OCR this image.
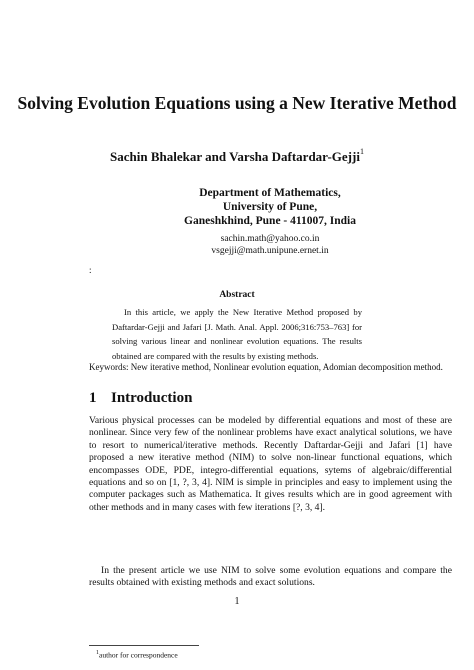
Solving Evolution Equations using a New Iterative Method
Sachin Bhalekar and Varsha Daftardar-Gejji$^1$
Department of Mathematics,
University of Pune,
Ganeshkhind, Pune - 411007, India
sachin.math@yahoo.co.in
vsgejji@math.unipune.ernet.in
:
Abstract
In this article, we apply the New Iterative Method proposed by Daftardar-Gejji and Jafari [J. Math. Anal. Appl. 2006;316:753–763] for solving various linear and nonlinear evolution equations. The results obtained are compared with the results by existing methods.
Keywords: New iterative method, Nonlinear evolution equation, Adomian decomposition method.
1 Introduction
Various physical processes can be modeled by differential equations and most of these are nonlinear. Since very few of the nonlinear problems have exact analytical solutions, we have to resort to numerical/iterative methods. Recently Daftardar-Gejji and Jafari [1] have proposed a new iterative method (NIM) to solve non-linear functional equations, which encompasses ODE, PDE, integro-differential equations, sytems of algebraic/differential equations and so on [1, ?, 3, 4]. NIM is simple in principles and easy to implement using the computer packages such as Mathematica. It gives results which are in good agreement with other methods and in many cases with few iterations [?, 3, 4].
In the present article we use NIM to solve some evolution equations and compare the results obtained with existing methods and exact solutions.
$^1$author for correspondence
1
